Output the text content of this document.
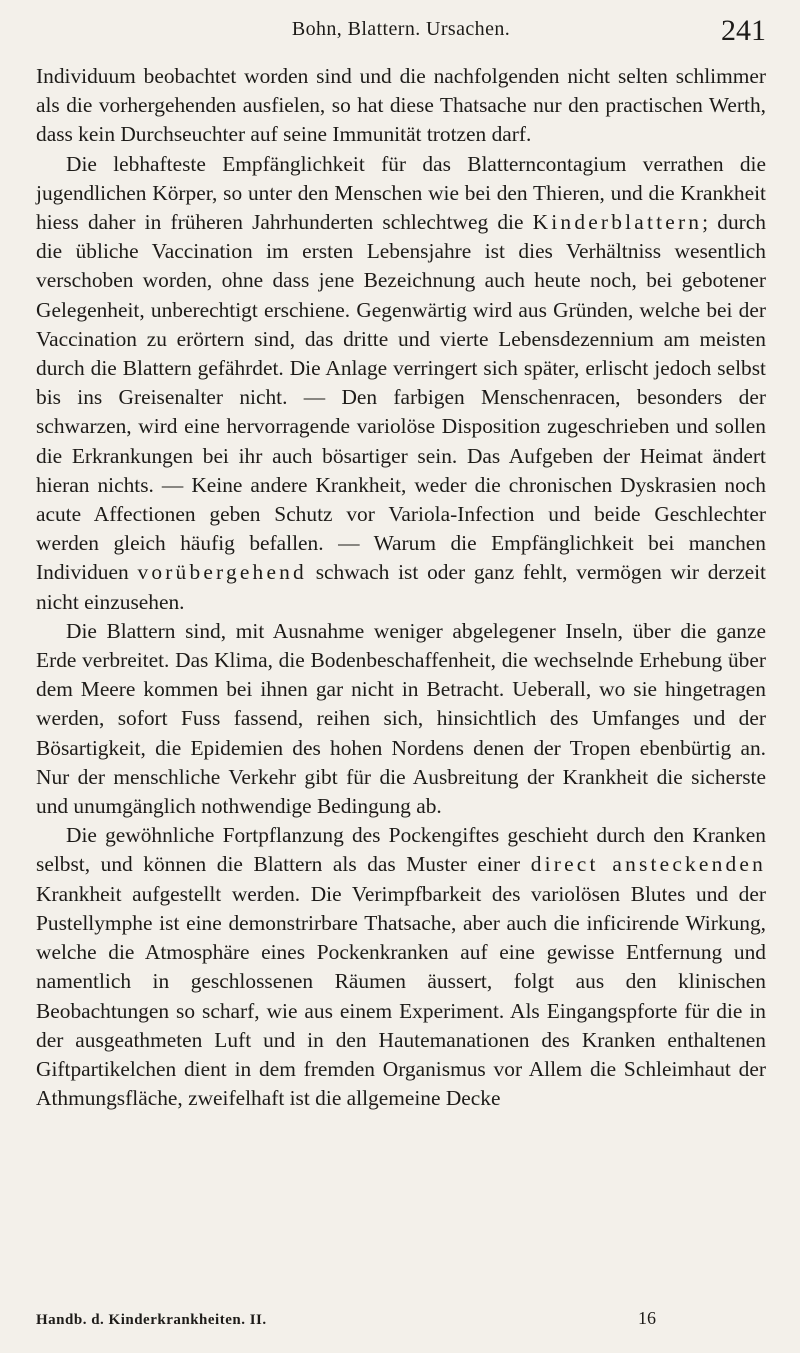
Bohn, Blattern. Ursachen.	241

Individuum beobachtet worden sind und die nachfolgenden nicht selten schlimmer als die vorhergehenden ausfielen, so hat diese Thatsache nur den practischen Werth, dass kein Durchseuchter auf seine Immunität trotzen darf.

Die lebhafteste Empfänglichkeit für das Blatterncontagium verrathen die jugendlichen Körper, so unter den Menschen wie bei den Thieren, und die Krankheit hiess daher in früheren Jahrhunderten schlechtweg die Kinderblattern; durch die übliche Vaccination im ersten Lebensjahre ist dies Verhältniss wesentlich verschoben worden, ohne dass jene Bezeichnung auch heute noch, bei gebotener Gelegenheit, unberechtigt erschiene. Gegenwärtig wird aus Gründen, welche bei der Vaccination zu erörtern sind, das dritte und vierte Lebensdezennium am meisten durch die Blattern gefährdet. Die Anlage verringert sich später, erlischt jedoch selbst bis ins Greisenalter nicht. — Den farbigen Menschenracen, besonders der schwarzen, wird eine hervorragende variolöse Disposition zugeschrieben und sollen die Erkrankungen bei ihr auch bösartiger sein. Das Aufgeben der Heimat ändert hieran nichts. — Keine andere Krankheit, weder die chronischen Dyskrasien noch acute Affectionen geben Schutz vor Variola-Infection und beide Geschlechter werden gleich häufig befallen. — Warum die Empfänglichkeit bei manchen Individuen vorübergehend schwach ist oder ganz fehlt, vermögen wir derzeit nicht einzusehen.

Die Blattern sind, mit Ausnahme weniger abgelegener Inseln, über die ganze Erde verbreitet. Das Klima, die Bodenbeschaffenheit, die wechselnde Erhebung über dem Meere kommen bei ihnen gar nicht in Betracht. Ueberall, wo sie hingetragen werden, sofort Fuss fassend, reihen sich, hinsichtlich des Umfanges und der Bösartigkeit, die Epidemien des hohen Nordens denen der Tropen ebenbürtig an. Nur der menschliche Verkehr gibt für die Ausbreitung der Krankheit die sicherste und unumgänglich nothwendige Bedingung ab.

Die gewöhnliche Fortpflanzung des Pockengiftes geschieht durch den Kranken selbst, und können die Blattern als das Muster einer direct ansteckenden Krankheit aufgestellt werden. Die Verimpfbarkeit des variolösen Blutes und der Pustellymphe ist eine demonstrirbare Thatsache, aber auch die inficirende Wirkung, welche die Atmosphäre eines Pockenkranken auf eine gewisse Entfernung und namentlich in geschlossenen Räumen äussert, folgt aus den klinischen Beobachtungen so scharf, wie aus einem Experiment. Als Eingangspforte für die in der ausgeathmeten Luft und in den Hautemanationen des Kranken enthaltenen Giftpartikelchen dient in dem fremden Organismus vor Allem die Schleimhaut der Athmungsfläche, zweifelhaft ist die allgemeine Decke

Handb. d. Kinderkrankheiten. II.	16
